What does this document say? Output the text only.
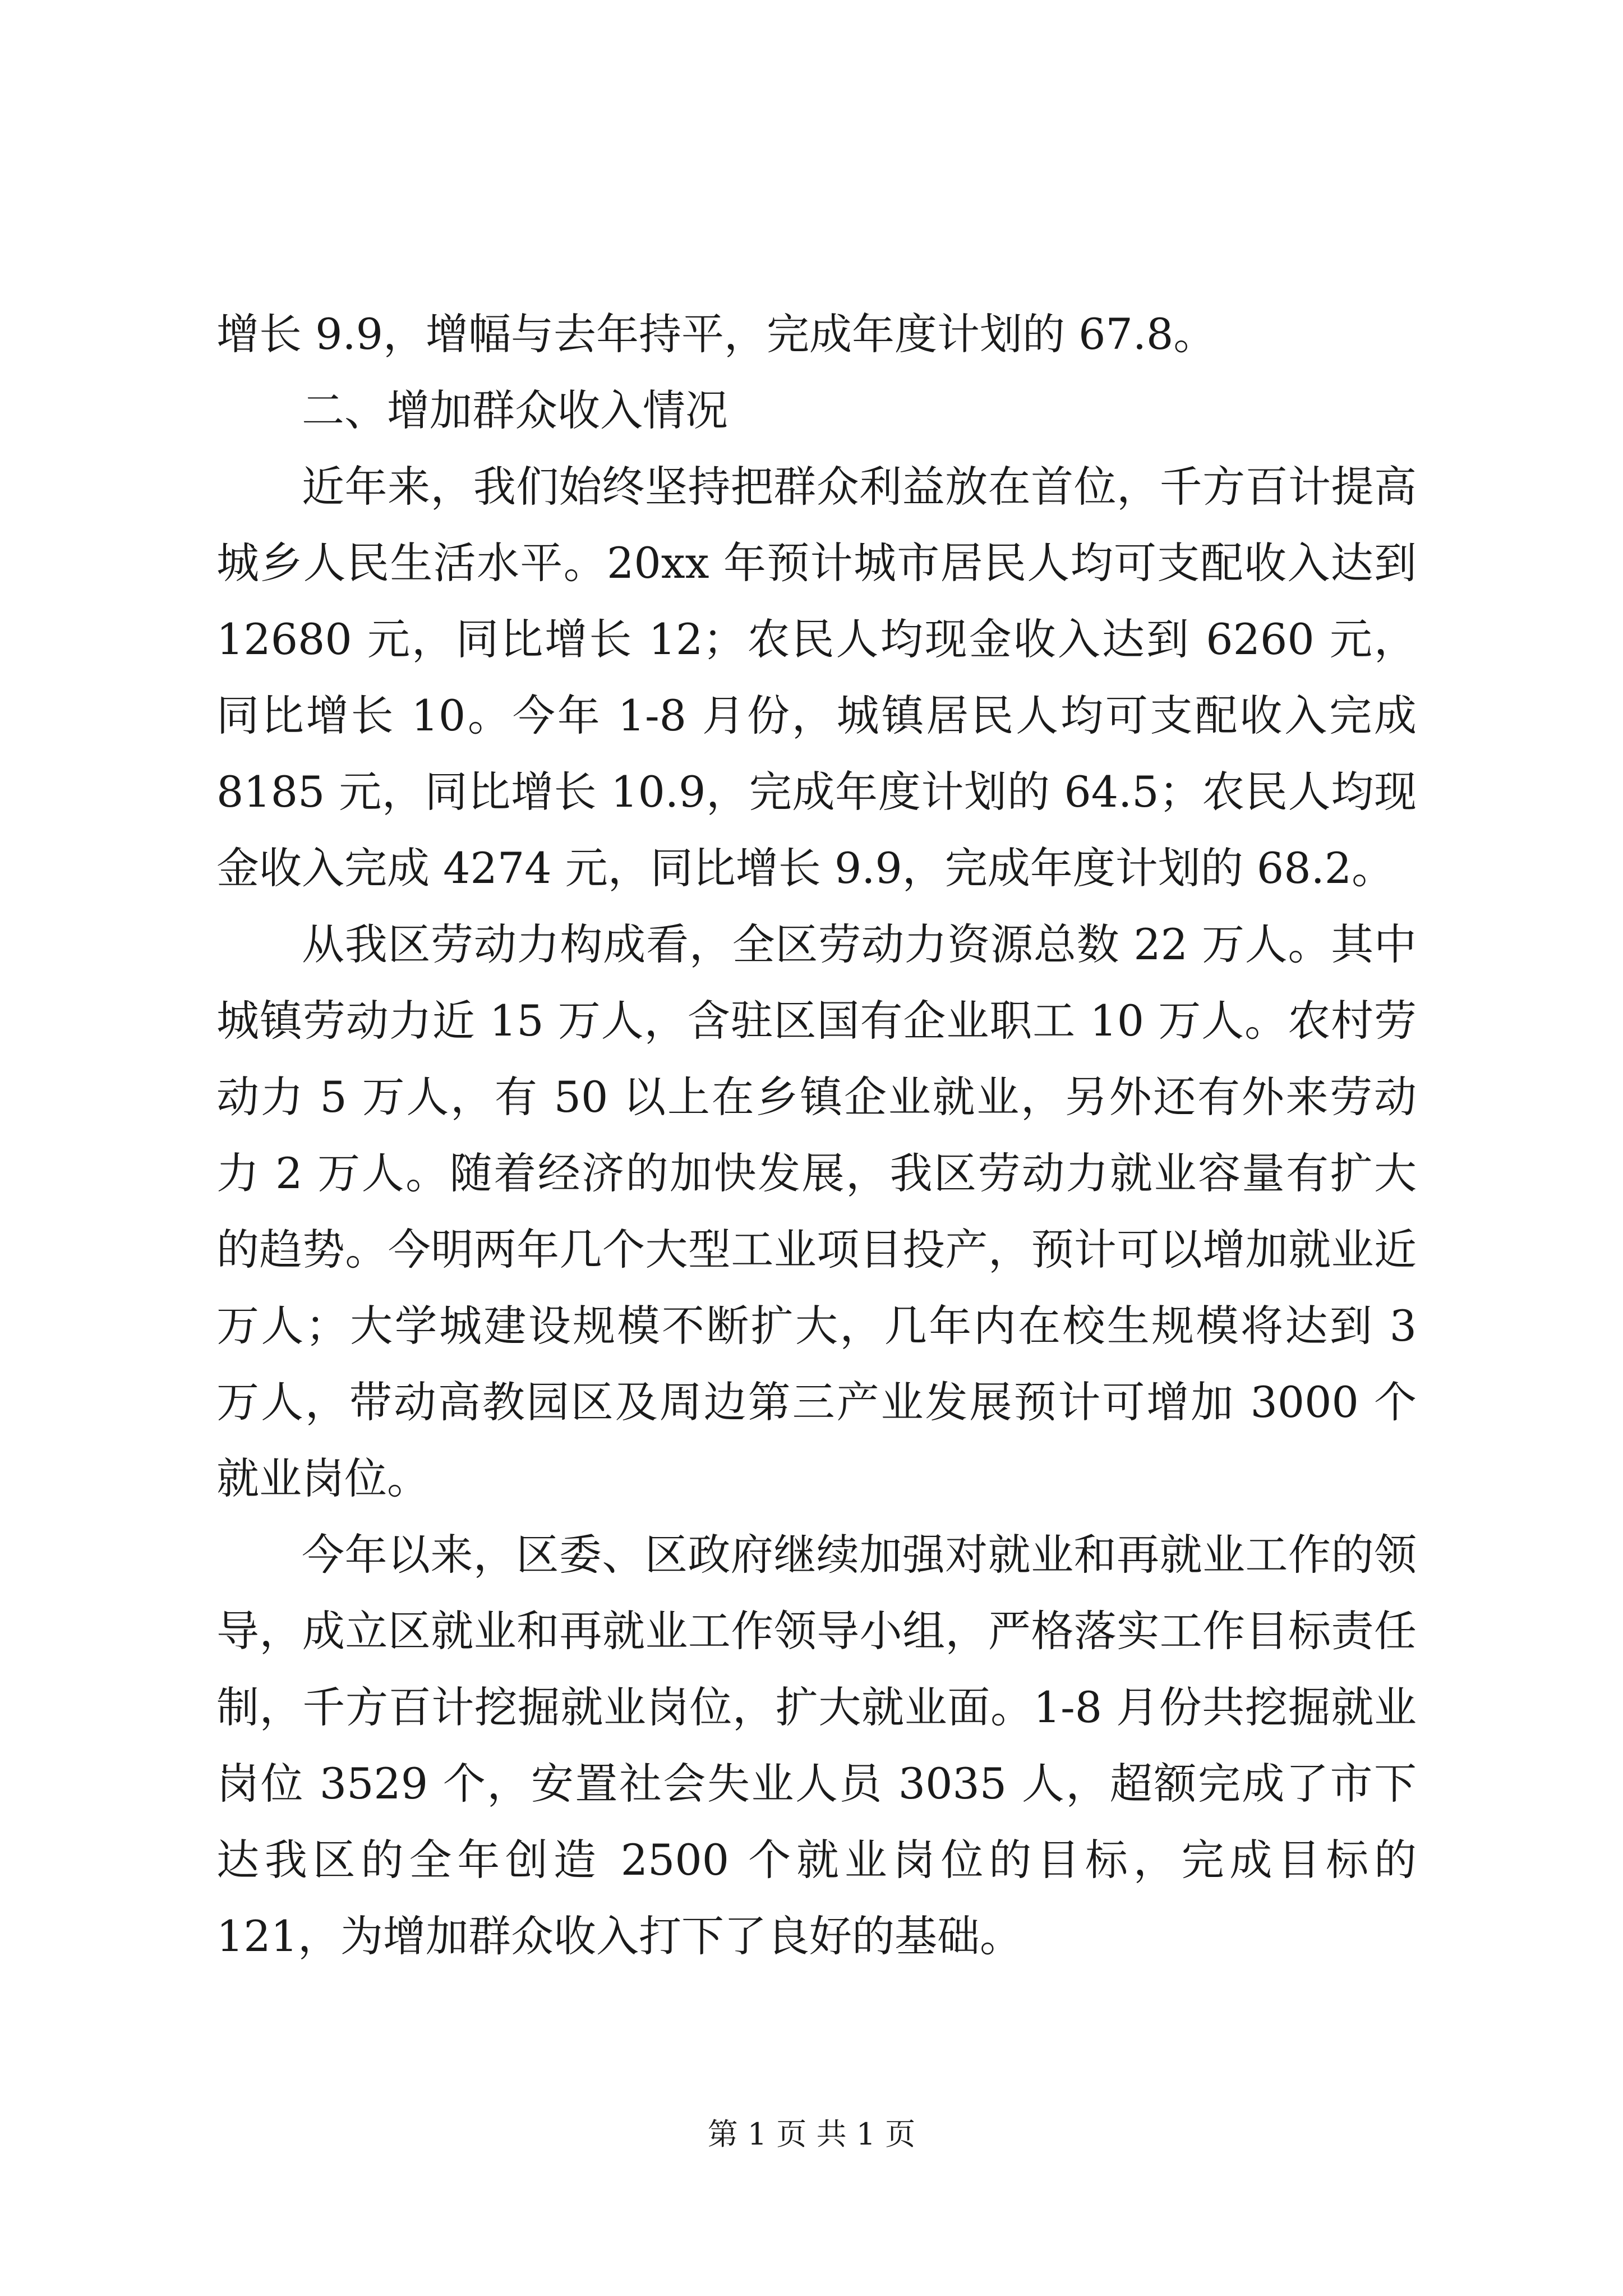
增长 9.9，增幅与去年持平，完成年度计划的 67.8。

二、增加群众收入情况

近年来，我们始终坚持把群众利益放在首位，千方百计提高城乡人民生活水平。20xx 年预计城市居民人均可支配收入达到 12680 元，同比增长 12；农民人均现金收入达到 6260 元，同比增长 10。今年 1-8 月份，城镇居民人均可支配收入完成 8185 元，同比增长 10.9，完成年度计划的 64.5；农民人均现金收入完成 4274 元，同比增长 9.9，完成年度计划的 68.2。

从我区劳动力构成看，全区劳动力资源总数 22 万人。其中城镇劳动力近 15 万人，含驻区国有企业职工 10 万人。农村劳动力 5 万人，有 50 以上在乡镇企业就业，另外还有外来劳动力 2 万人。随着经济的加快发展，我区劳动力就业容量有扩大的趋势。今明两年几个大型工业项目投产，预计可以增加就业近万人；大学城建设规模不断扩大，几年内在校生规模将达到 3 万人，带动高教园区及周边第三产业发展预计可增加 3000 个就业岗位。

今年以来，区委、区政府继续加强对就业和再就业工作的领导，成立区就业和再就业工作领导小组，严格落实工作目标责任制，千方百计挖掘就业岗位，扩大就业面。1-8 月份共挖掘就业岗位 3529 个，安置社会失业人员 3035 人，超额完成了市下达我区的全年创造 2500 个就业岗位的目标，完成目标的 121，为增加群众收入打下了良好的基础。

第 1 页 共 1 页
